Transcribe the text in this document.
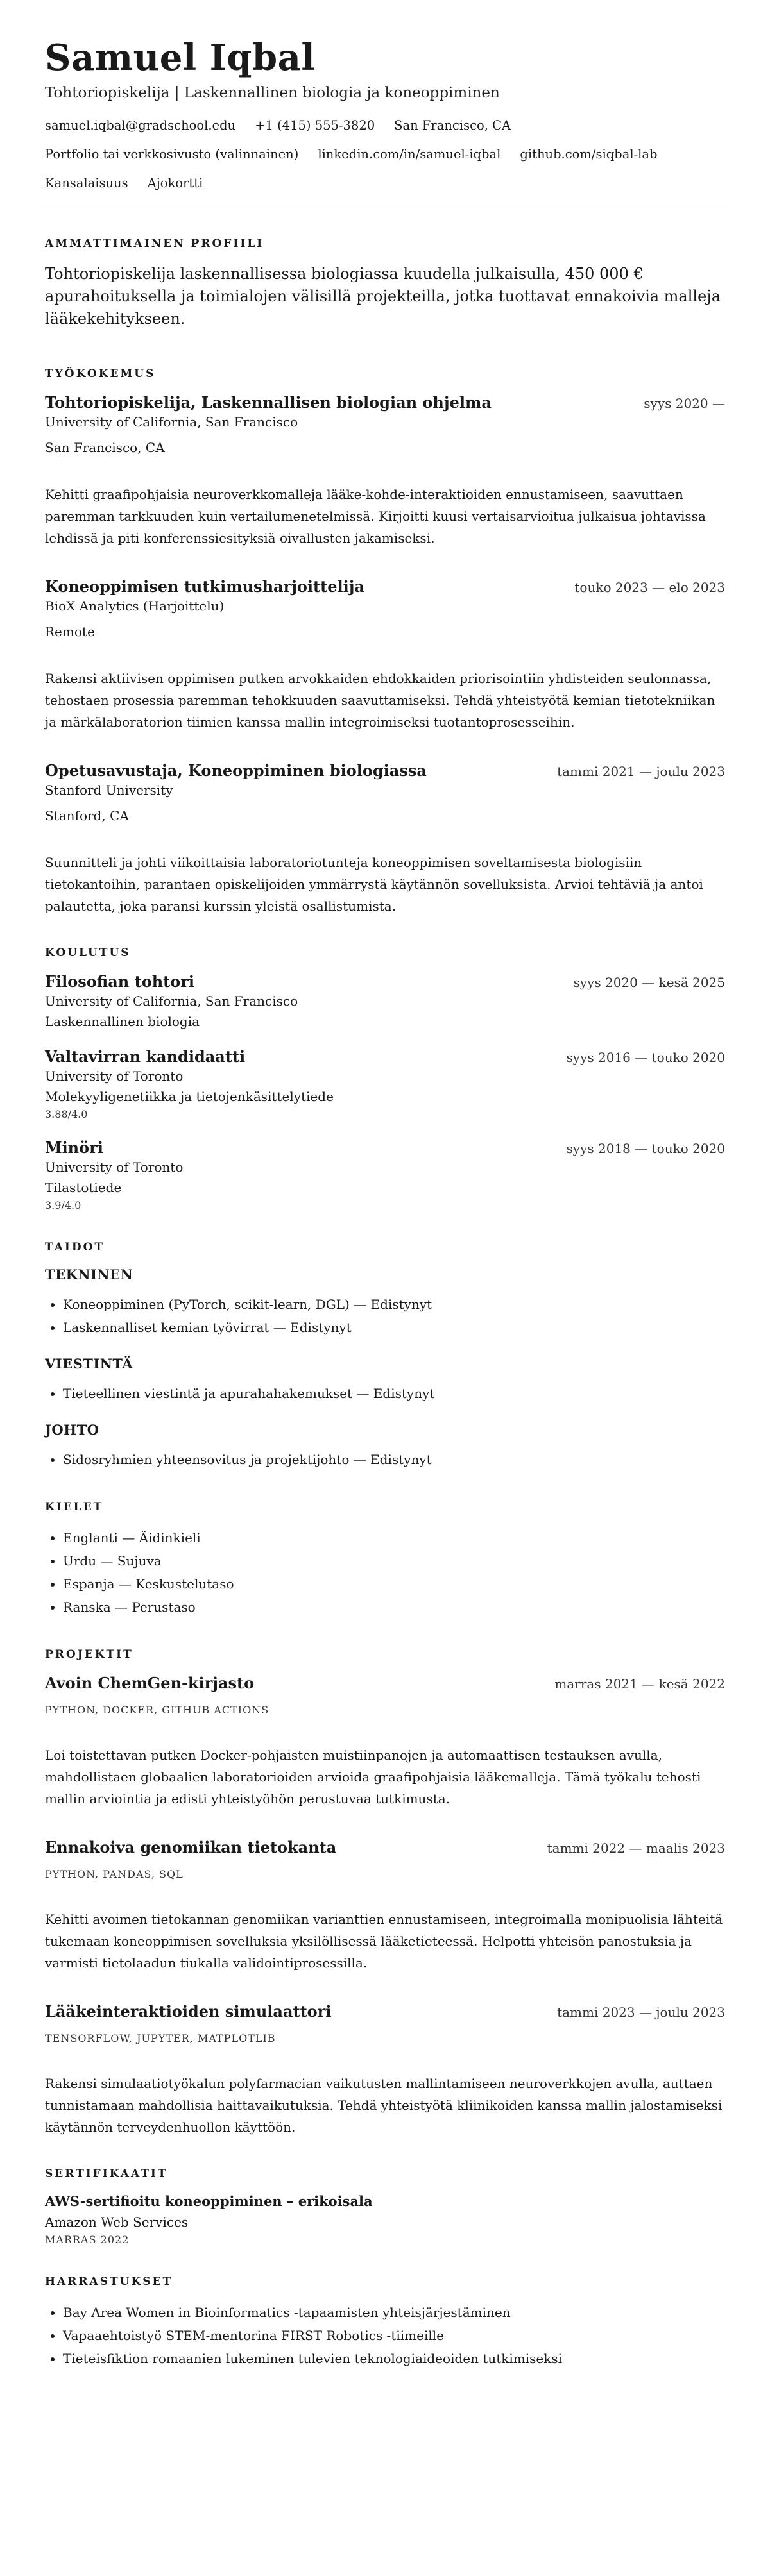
Samuel Iqbal
Tohtoriopiskelija | Laskennallinen biologia ja koneoppiminen
samuel.iqbal@gradschool.edu +1 (415) 555-3820 San Francisco, CA
Portfolio tai verkkosivusto (valinnainen) linkedin.com/in/samuel-iqbal github.com/siqbal-lab
Kansalaisuus Ajokortti
AMMATTIMAINEN PROFIILI

Tohtoriopiskelija laskennallisessa biologiassa kuudella julkaisulla, 450 000 € apurahoituksella ja toimialojen välisillä projekteilla, jotka tuottavat ennakoivia malleja lääkekehitykseen.

TYÖKOKEMUS
Tohtoriopiskelija, Laskennallisen biologian ohjelma	syys 2020 —
University of California, San Francisco
San Francisco, CA
Kehitti graafipohjaisia neuroverkkomalleja lääke-kohde-interaktioiden ennustamiseen, saavuttaen paremman tarkkuuden kuin vertailumenetelmissä. Kirjoitti kuusi vertaisarvioitua julkaisua johtavissa lehdissä ja piti konferenssiesityksiä oivallusten jakamiseksi.
Koneoppimisen tutkimusharjoittelija	touko 2023 — elo 2023
BioX Analytics (Harjoittelu)
Remote
Rakensi aktiivisen oppimisen putken arvokkaiden ehdokkaiden priorisointiin yhdisteiden seulonnassa, tehostaen prosessia paremman tehokkuuden saavuttamiseksi. Tehdä yhteistyötä kemian tietotekniikan ja märkälaboratorion tiimien kanssa mallin integroimiseksi tuotantoprosesseihin.
Opetusavustaja, Koneoppiminen biologiassa	tammi 2021 — joulu 2023
Stanford University
Stanford, CA
Suunnitteli ja johti viikoittaisia laboratoriotunteja koneoppimisen soveltamisesta biologisiin tietokantoihin, parantaen opiskelijoiden ymmärrystä käytännön sovelluksista. Arvioi tehtäviä ja antoi palautetta, joka paransi kurssin yleistä osallistumista.
KOULUTUS
Filosofian tohtori	syys 2020 — kesä 2025
University of California, San Francisco
Laskennallinen biologia
Valtavirran kandidaatti	syys 2016 — touko 2020
University of Toronto
Molekyyligenetiikka ja tietojenkäsittelytiede
3.88/4.0
Minöri	syys 2018 — touko 2020
University of Toronto
Tilastotiede
3.9/4.0
TAIDOT
TEKNINEN
• Koneoppiminen (PyTorch, scikit-learn, DGL) — Edistynyt
• Laskennalliset kemian työvirrat — Edistynyt
VIESTINTÄ
• Tieteellinen viestintä ja apurahahakemukset — Edistynyt
JOHTO
• Sidosryhmien yhteensovitus ja projektijohto — Edistynyt
KIELET
• Englanti — Äidinkieli
• Urdu — Sujuva
• Espanja — Keskustelutaso
• Ranska — Perustaso
PROJEKTIT
Avoin ChemGen-kirjasto	marras 2021 — kesä 2022
PYTHON, DOCKER, GITHUB ACTIONS
Loi toistettavan putken Docker-pohjaisten muistiinpanojen ja automaattisen testauksen avulla, mahdollistaen globaalien laboratorioiden arvioida graafipohjaisia lääkemalleja. Tämä työkalu tehosti mallin arviointia ja edisti yhteistyöhön perustuvaa tutkimusta.
Ennakoiva genomiikan tietokanta	tammi 2022 — maalis 2023
PYTHON, PANDAS, SQL
Kehitti avoimen tietokannan genomiikan varianttien ennustamiseen, integroimalla monipuolisia lähteitä tukemaan koneoppimisen sovelluksia yksilöllisessä lääketieteessä. Helpotti yhteisön panostuksia ja varmisti tietolaadun tiukalla validointiprosessilla.
Lääkeinteraktioiden simulaattori	tammi 2023 — joulu 2023
TENSORFLOW, JUPYTER, MATPLOTLIB
Rakensi simulaatiotyökalun polyfarmacian vaikutusten mallintamiseen neuroverkkojen avulla, auttaen tunnistamaan mahdollisia haittavaikutuksia. Tehdä yhteistyötä kliinikoiden kanssa mallin jalostamiseksi käytännön terveydenhuollon käyttöön.
SERTIFIKAATIT
AWS-sertifioitu koneoppiminen – erikoisala
Amazon Web Services
MARRAS 2022
HARRASTUKSET
• Bay Area Women in Bioinformatics -tapaamisten yhteisjärjestäminen
• Vapaaehtoistyö STEM-mentorina FIRST Robotics -tiimeille
• Tieteisfiktion romaanien lukeminen tulevien teknologiaideoiden tutkimiseksi
